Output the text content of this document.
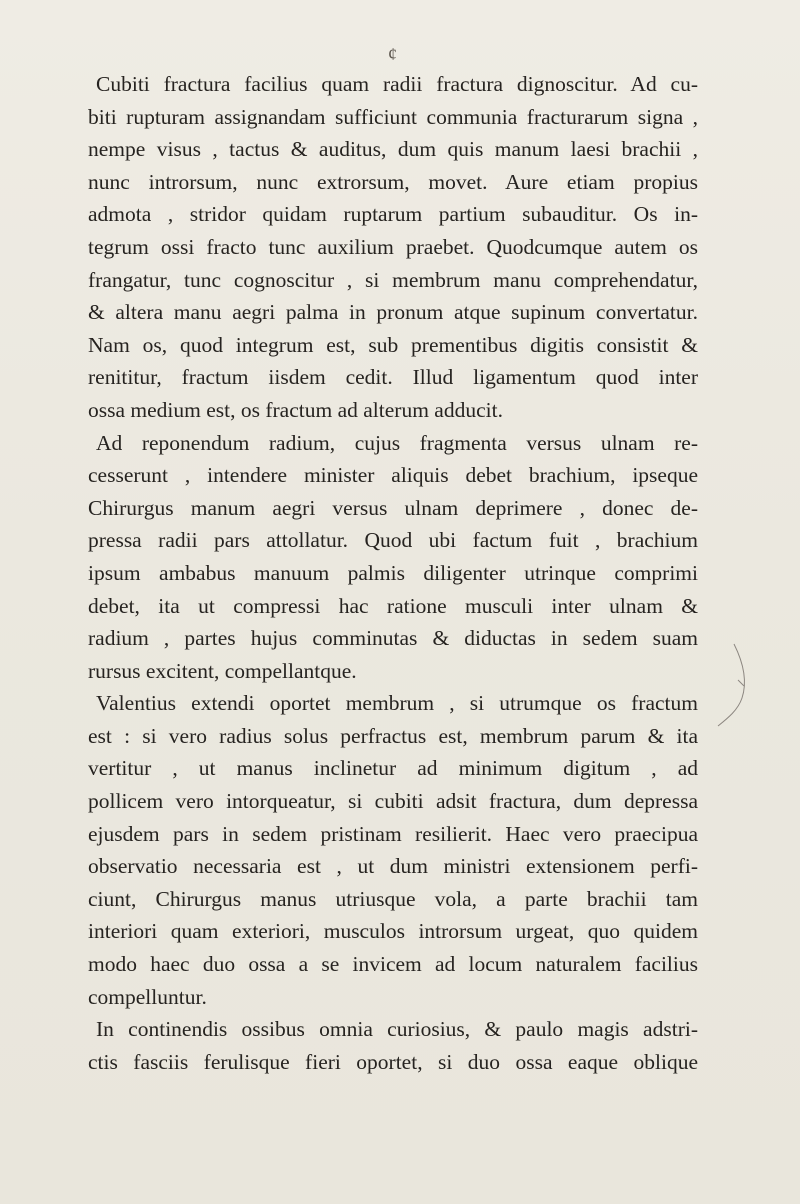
¢
Cubiti fractura facilius quam radii fractura dignoscitur. Ad cu-
biti rupturam assignandam sufficiunt communia fracturarum signa ,
nempe visus , tactus & auditus, dum quis manum laesi brachii ,
nunc introrsum, nunc extrorsum, movet. Aure etiam propius
admota , stridor quidam ruptarum partium subauditur. Os in-
tegrum ossi fracto tunc auxilium praebet. Quodcumque autem os
frangatur, tunc cognoscitur , si membrum manu comprehendatur,
& altera manu aegri palma in pronum atque supinum convertatur.
Nam os, quod integrum est, sub prementibus digitis consistit &
renititur, fractum iisdem cedit. Illud ligamentum quod inter
ossa medium est, os fractum ad alterum adducit.
Ad reponendum radium, cujus fragmenta versus ulnam re-
cesserunt , intendere minister aliquis debet brachium, ipseque
Chirurgus manum aegri versus ulnam deprimere , donec de-
pressa radii pars attollatur. Quod ubi factum fuit , brachium
ipsum ambabus manuum palmis diligenter utrinque comprimi
debet, ita ut compressi hac ratione musculi inter ulnam &
radium , partes hujus comminutas & diductas in sedem suam
rursus excitent, compellantque.
Valentius extendi oportet membrum , si utrumque os fractum
est : si vero radius solus perfractus est, membrum parum & ita
vertitur , ut manus inclinetur ad minimum digitum , ad
pollicem vero intorqueatur, si cubiti adsit fractura, dum depressa
ejusdem pars in sedem pristinam resilierit. Haec vero praecipua
observatio necessaria est , ut dum ministri extensionem perfi-
ciunt, Chirurgus manus utriusque vola, a parte brachii tam
interiori quam exteriori, musculos introrsum urgeat, quo quidem
modo haec duo ossa a se invicem ad locum naturalem facilius
compelluntur.
In continendis ossibus omnia curiosius, & paulo magis adstri-
ctis fasciis ferulisque fieri oportet, si duo ossa eaque oblique
